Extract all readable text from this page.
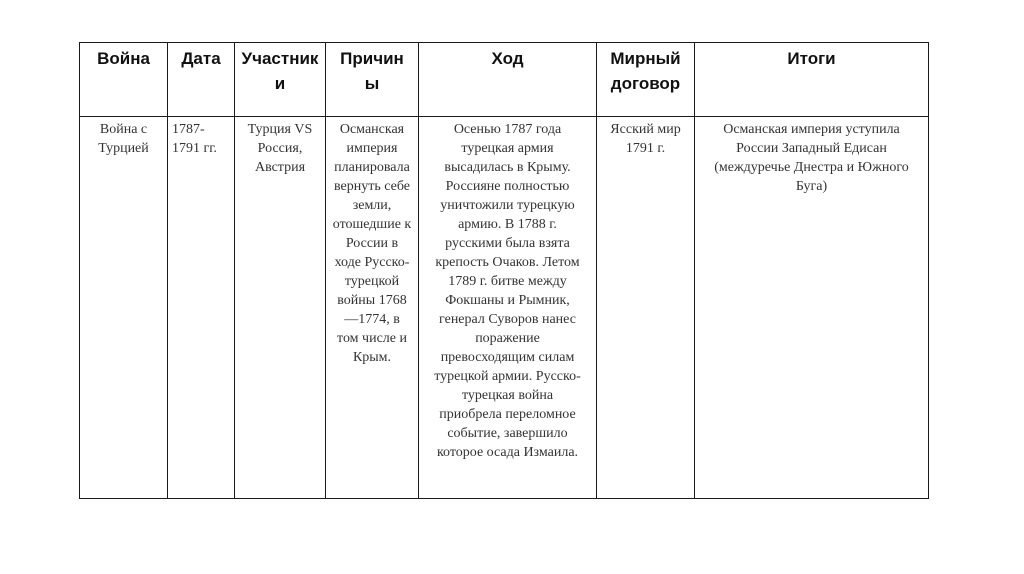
Война	Дата	Участники	Причины	Ход	Мирный договор	Итоги

Война с Турцией	1787-1791 гг.	Турция VS Россия, Австрия	Османская империя планировала вернуть себе земли, отошедшие к России в ходе Русско-турецкой войны 1768—1774, в том числе и Крым.	Осенью 1787 года турецкая армия высадилась в Крыму. Россияне полностью уничтожили турецкую армию. В 1788 г. русскими была взята крепость Очаков. Летом 1789 г. битве между Фокшаны и Рымник, генерал Суворов нанес поражение превосходящим силам турецкой армии. Русско-турецкая война приобрела переломное событие, завершило которое осада Измаила.	Ясский мир 1791 г.	Османская империя уступила России Западный Едисан (междуречье Днестра и Южного Буга)
